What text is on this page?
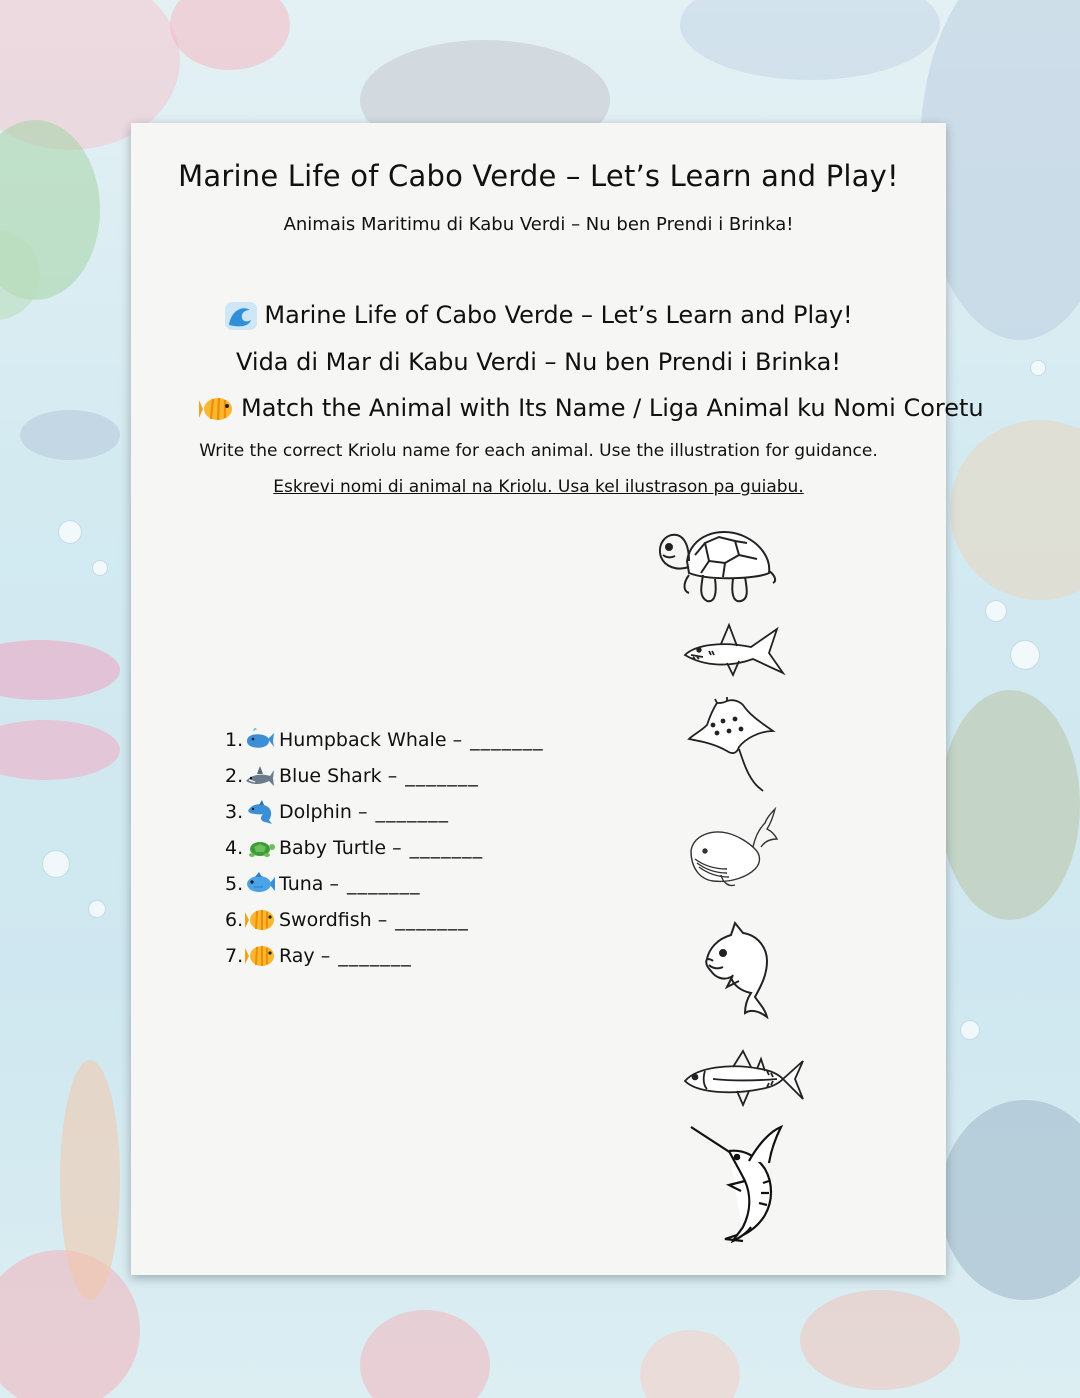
Marine Life of Cabo Verde – Let’s Learn and Play!
Animais Maritimu di Kabu Verdi – Nu ben Prendi i Brinka!
Marine Life of Cabo Verde – Let’s Learn and Play!
Vida di Mar di Kabu Verdi – Nu ben Prendi i Brinka!
Match the Animal with Its Name / Liga Animal ku Nomi Coretu
Write the correct Kriolu name for each animal. Use the illustration for guidance.
Eskrevi nomi di animal na Kriolu. Usa kel ilustrason pa guiabu.
1. Humpback Whale
– _______
2. Blue Shark
– _______
3. Dolphin
– _______
4. Baby Turtle
– _______
5. Tuna
– _______
6. Swordfish
– _______
7. Ray
– _______
